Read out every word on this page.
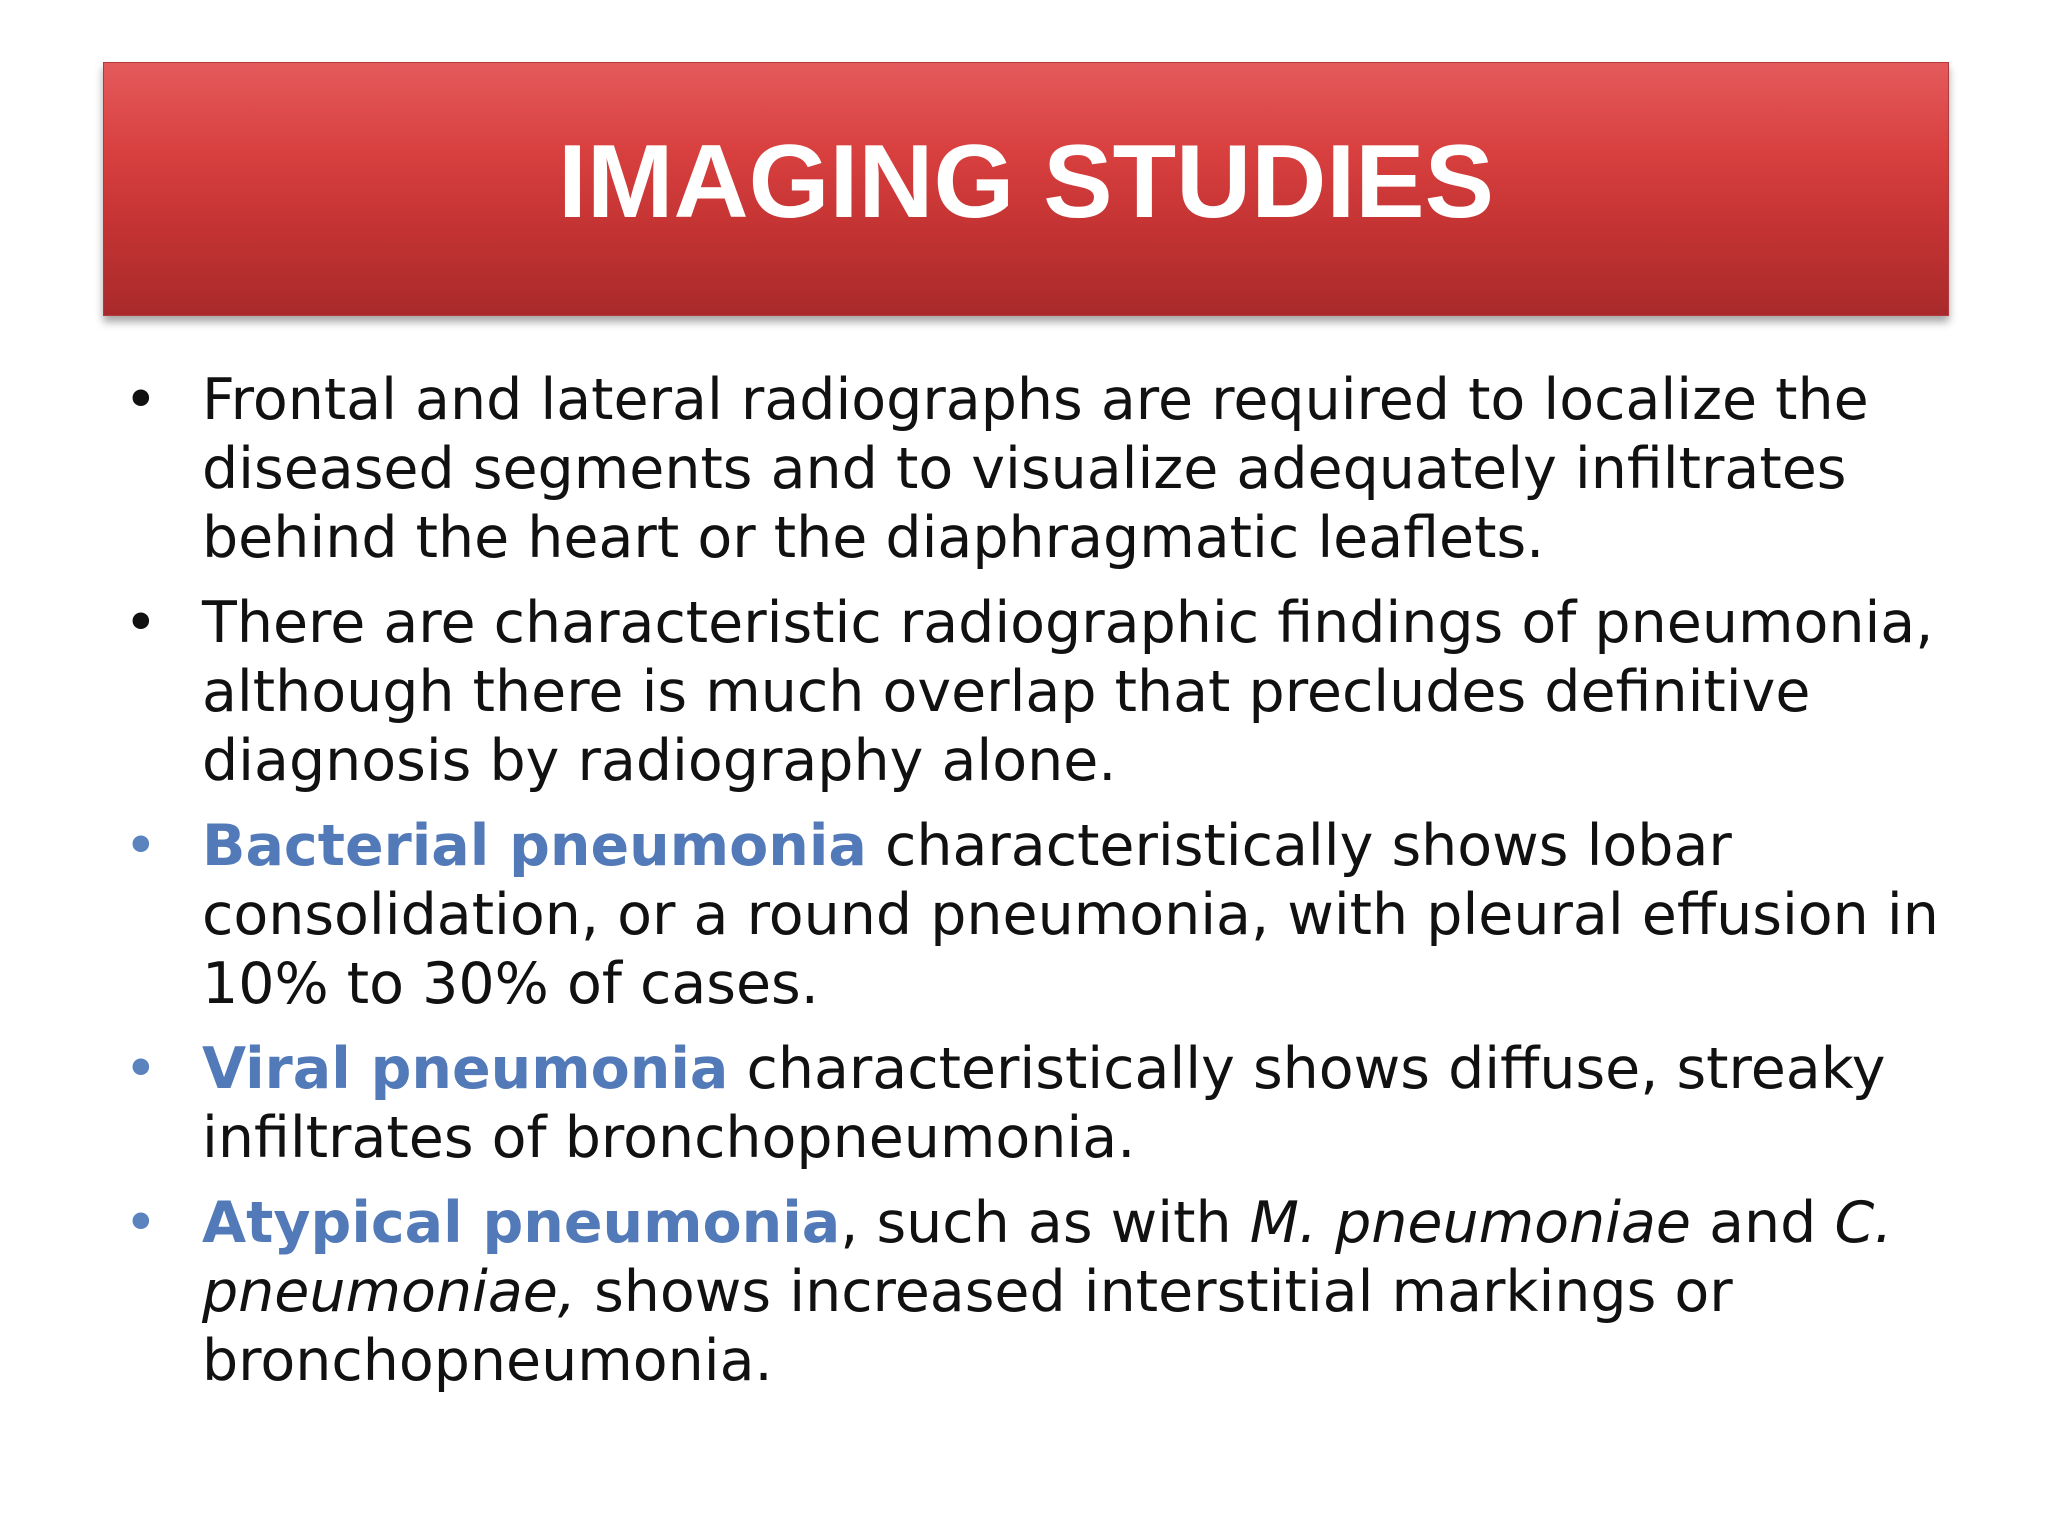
IMAGING STUDIES
• Frontal and lateral radiographs are required to localize the diseased segments and to visualize adequately infiltrates behind the heart or the diaphragmatic leaflets.
• There are characteristic radiographic findings of pneumonia, although there is much overlap that precludes definitive diagnosis by radiography alone.
• Bacterial pneumonia characteristically shows lobar consolidation, or a round pneumonia, with pleural effusion in 10% to 30% of cases.
• Viral pneumonia characteristically shows diffuse, streaky infiltrates of bronchopneumonia.
• Atypical pneumonia, such as with M. pneumoniae and C. pneumoniae, shows increased interstitial markings or bronchopneumonia.
